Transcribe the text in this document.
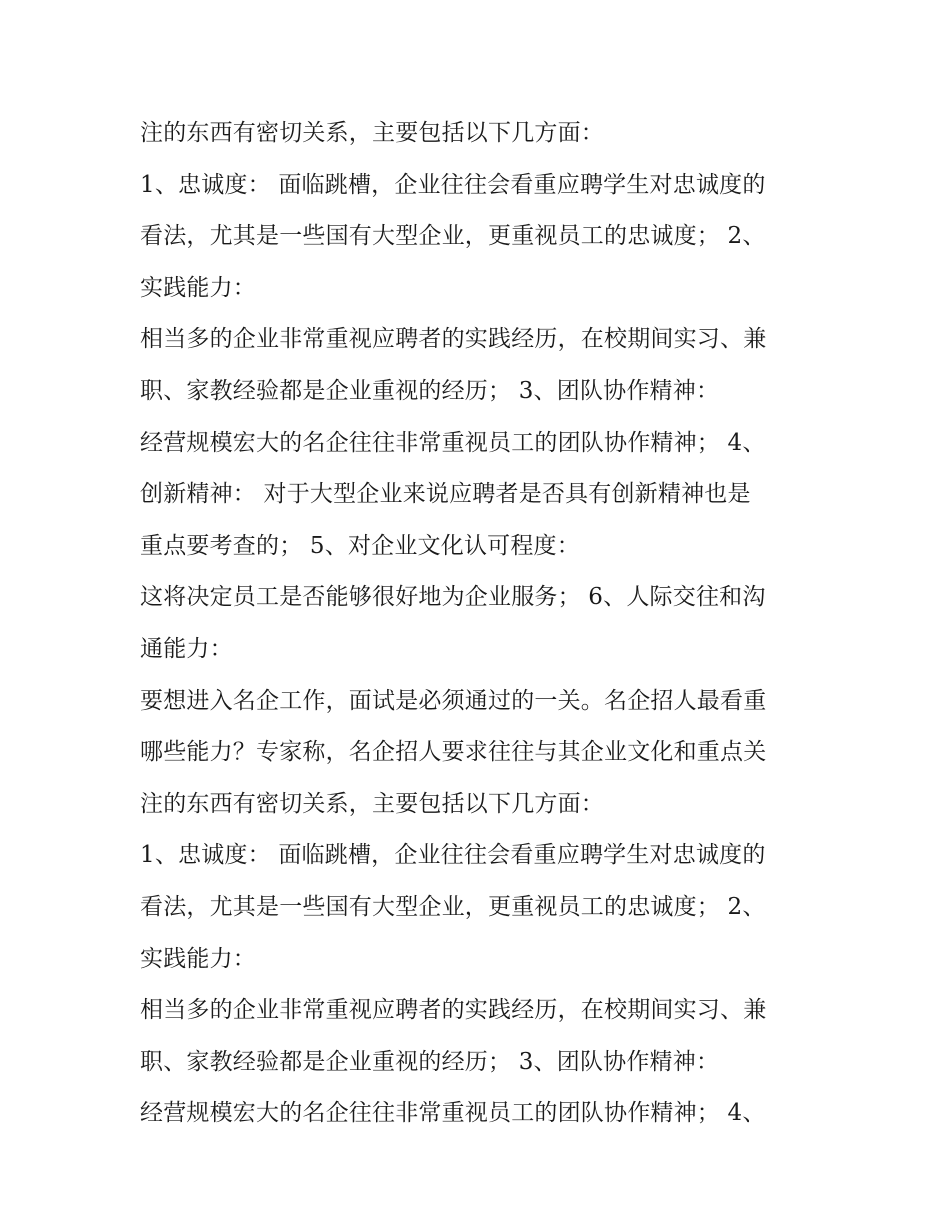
注的东西有密切关系，主要包括以下几方面：
1、忠诚度： 面临跳槽，企业往往会看重应聘学生对忠诚度的
看法，尤其是一些国有大型企业，更重视员工的忠诚度； 2、
实践能力：
相当多的企业非常重视应聘者的实践经历，在校期间实习、兼
职、家教经验都是企业重视的经历； 3、团队协作精神：
经营规模宏大的名企往往非常重视员工的团队协作精神； 4、
创新精神： 对于大型企业来说应聘者是否具有创新精神也是
重点要考查的； 5、对企业文化认可程度：
这将决定员工是否能够很好地为企业服务； 6、人际交往和沟
通能力：
要想进入名企工作，面试是必须通过的一关。名企招人最看重
哪些能力？专家称，名企招人要求往往与其企业文化和重点关
注的东西有密切关系，主要包括以下几方面：
1、忠诚度： 面临跳槽，企业往往会看重应聘学生对忠诚度的
看法，尤其是一些国有大型企业，更重视员工的忠诚度； 2、
实践能力：
相当多的企业非常重视应聘者的实践经历，在校期间实习、兼
职、家教经验都是企业重视的经历； 3、团队协作精神：
经营规模宏大的名企往往非常重视员工的团队协作精神； 4、
